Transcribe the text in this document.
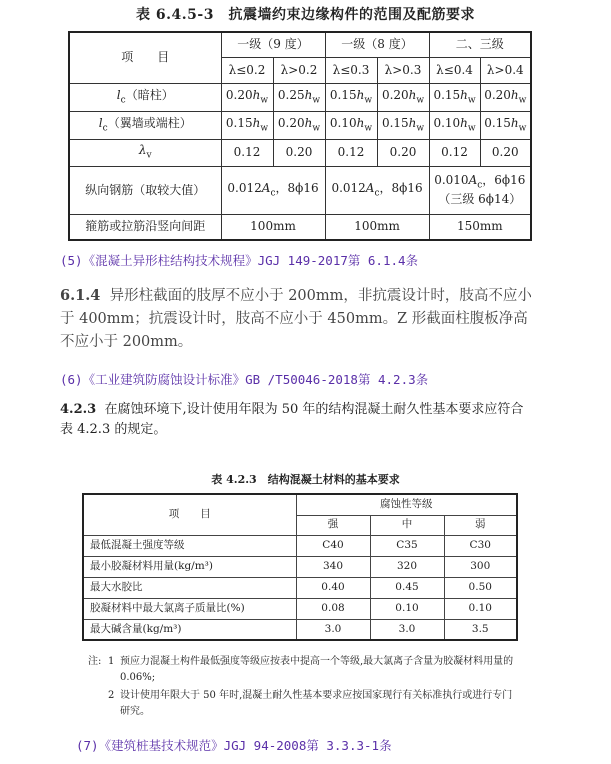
表 6.4.5-3　抗震墙约束边缘构件的范围及配筋要求
项　　目	一级（9 度）		一级（8 度）		二、三级	
	λ≤0.2	λ>0.2	λ≤0.3	λ>0.3	λ≤0.4	λ>0.4
$l_c$（暗柱）	$0.20h_w$	$0.25h_w$	$0.15h_w$	$0.20h_w$	$0.15h_w$	$0.20h_w$
$l_c$（翼墙或端柱）	$0.15h_w$	$0.20h_w$	$0.10h_w$	$0.15h_w$	$0.10h_w$	$0.15h_w$
$\lambda_v$	0.12	0.20	0.12	0.20	0.12	0.20
纵向钢筋（取较大值）	$0.012A_c$，8ϕ16		$0.012A_c$，8ϕ16		$0.010A_c$，6ϕ16
（三级 6ϕ14）	

箍筋或拉筋沿竖向间距	100mm		100mm		150mm	
(5)《混凝土异形柱结构技术规程》JGJ 149-2017第 6.1.4条
6.1.4 异形柱截面的肢厚不应小于 200mm，非抗震设计时，肢高不应小于 400mm；抗震设计时，肢高不应小于 450mm。Z 形截面柱腹板净高不应小于 200mm。
(6)《工业建筑防腐蚀设计标准》GB /T50046-2018第 4.2.3条
4.2.3 在腐蚀环境下,设计使用年限为 50 年的结构混凝土耐久性基本要求应符合表 4.2.3 的规定。
表 4.2.3　结构混凝土材料的基本要求
项　　目	腐蚀性等级		
	强	中	弱
最低混凝土强度等级	C40	C35	C30
最小胶凝材料用量(kg/m³)	340	320	300
最大水胶比	0.40	0.45	0.50
胶凝材料中最大氯离子质量比(%)	0.08	0.10	0.10
最大碱含量(kg/m³)	3.0	3.0	3.5
注: 1 预应力混凝土构件最低强度等级应按表中提高一个等级,最大氯离子含量为胶凝材料用量的 0.06%;
2 设计使用年限大于 50 年时,混凝土耐久性基本要求应按国家现行有关标准执行或进行专门研究。
(7)《建筑桩基技术规范》JGJ 94-2008第 3.3.3-1条
